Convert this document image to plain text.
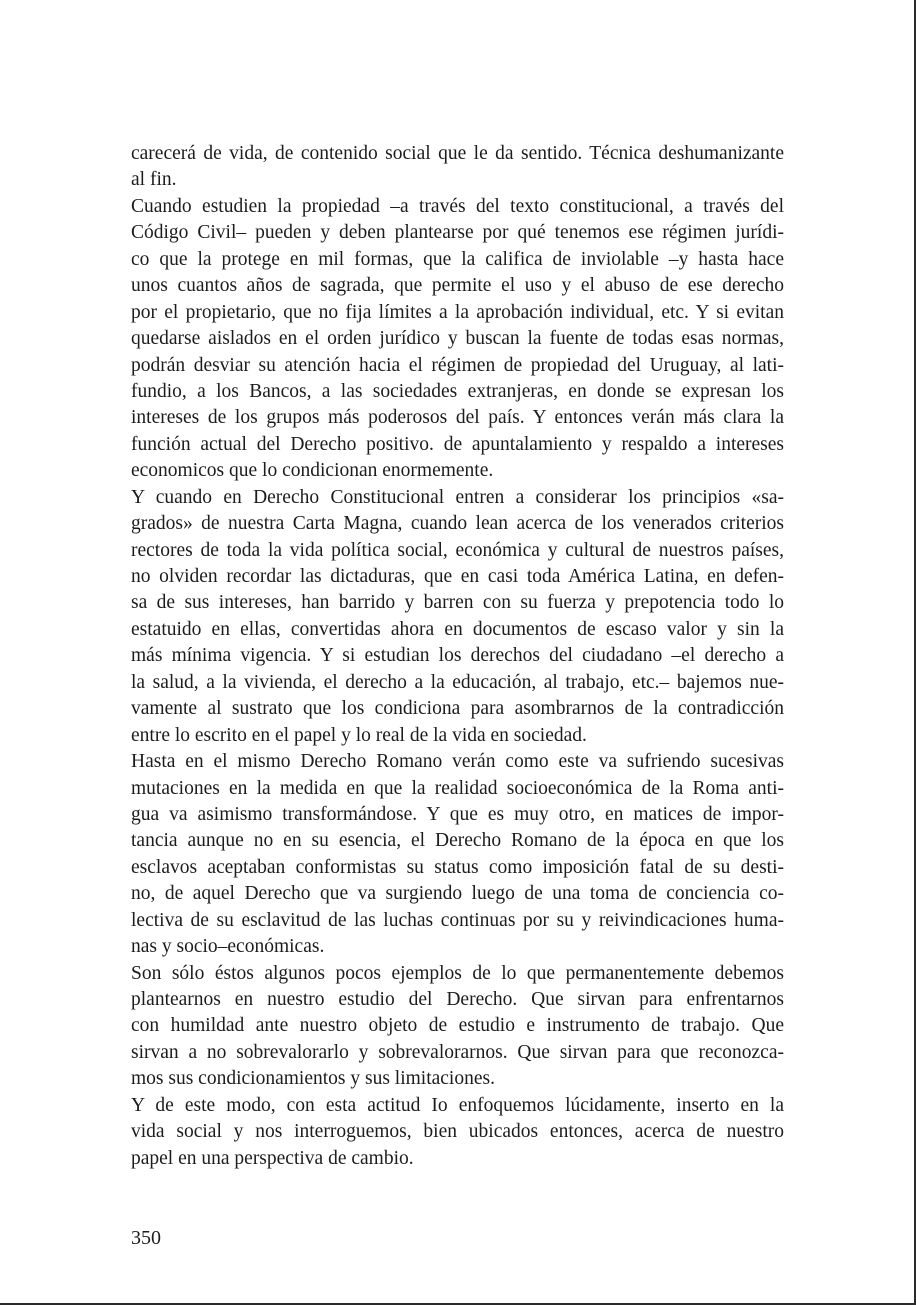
carecerá de vida, de contenido social que le da sentido. Técnica deshumanizante
al fin.
Cuando estudien la propiedad –a través del texto constitucional, a través del
Código Civil– pueden y deben plantearse por qué tenemos ese régimen jurídi-
co que la protege en mil formas, que la califica de inviolable –y hasta hace
unos cuantos años de sagrada, que permite el uso y el abuso de ese derecho
por el propietario, que no fija límites a la aprobación individual, etc. Y si evitan
quedarse aislados en el orden jurídico y buscan la fuente de todas esas normas,
podrán desviar su atención hacia el régimen de propiedad del Uruguay, al lati-
fundio, a los Bancos, a las sociedades extranjeras, en donde se expresan los
intereses de los grupos más poderosos del país. Y entonces verán más clara la
función actual del Derecho positivo. de apuntalamiento y respaldo a intereses
economicos que lo condicionan enormemente.
Y cuando en Derecho Constitucional entren a considerar los principios «sa-
grados» de nuestra Carta Magna, cuando lean acerca de los venerados criterios
rectores de toda la vida política social, económica y cultural de nuestros países,
no olviden recordar las dictaduras, que en casi toda América Latina, en defen-
sa de sus intereses, han barrido y barren con su fuerza y prepotencia todo lo
estatuido en ellas, convertidas ahora en documentos de escaso valor y sin la
más mínima vigencia. Y si estudian los derechos del ciudadano –el derecho a
la salud, a la vivienda, el derecho a la educación, al trabajo, etc.– bajemos nue-
vamente al sustrato que los condiciona para asombrarnos de la contradicción
entre lo escrito en el papel y lo real de la vida en sociedad.
Hasta en el mismo Derecho Romano verán como este va sufriendo sucesivas
mutaciones en la medida en que la realidad socioeconómica de la Roma anti-
gua va asimismo transformándose. Y que es muy otro, en matices de impor-
tancia aunque no en su esencia, el Derecho Romano de la época en que los
esclavos aceptaban conformistas su status como imposición fatal de su desti-
no, de aquel Derecho que va surgiendo luego de una toma de conciencia co-
lectiva de su esclavitud de las luchas continuas por su y reivindicaciones huma-
nas y socio–económicas.
Son sólo éstos algunos pocos ejemplos de lo que permanentemente debemos
plantearnos en nuestro estudio del Derecho. Que sirvan para enfrentarnos
con humildad ante nuestro objeto de estudio e instrumento de trabajo. Que
sirvan a no sobrevalorarlo y sobrevalorarnos. Que sirvan para que reconozca-
mos sus condicionamientos y sus limitaciones.
Y de este modo, con esta actitud Io enfoquemos lúcidamente, inserto en la
vida social y nos interroguemos, bien ubicados entonces, acerca de nuestro
papel en una perspectiva de cambio.
350
